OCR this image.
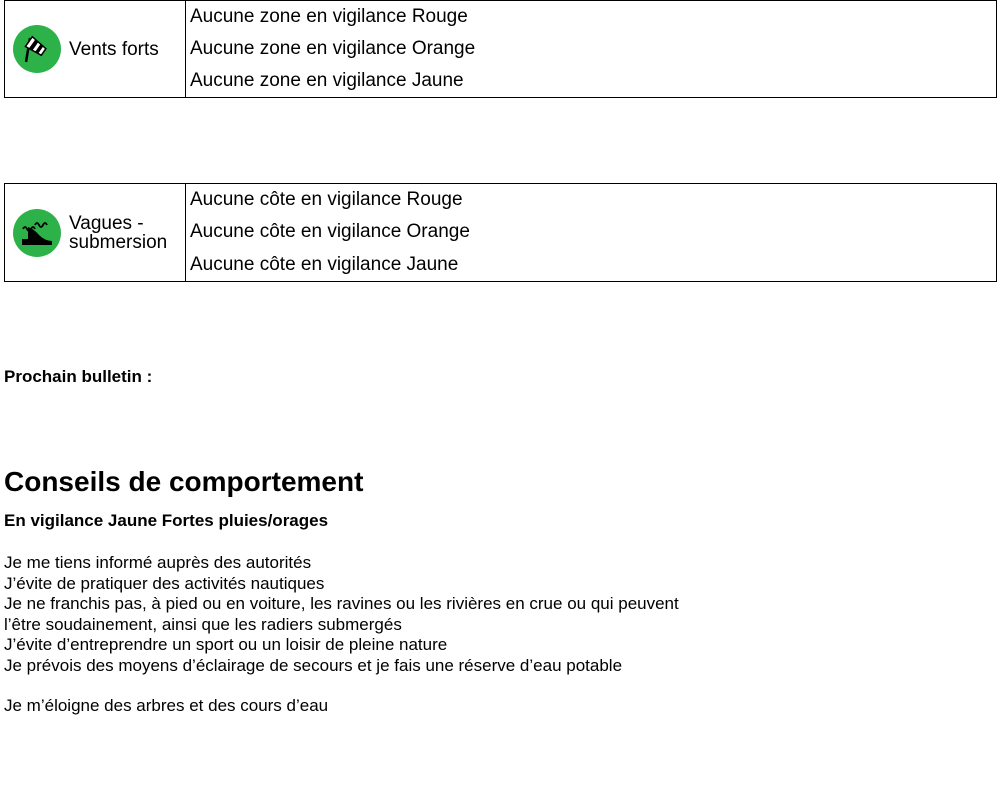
Vents forts
Aucune zone en vigilance Rouge
Aucune zone en vigilance Orange
Aucune zone en vigilance Jaune
Vagues -
submersion
Aucune côte en vigilance Rouge
Aucune côte en vigilance Orange
Aucune côte en vigilance Jaune
Prochain bulletin :
Conseils de comportement
En vigilance Jaune Fortes pluies/orages
Je me tiens informé auprès des autorités
J’évite de pratiquer des activités nautiques
Je ne franchis pas, à pied ou en voiture, les ravines ou les rivières en crue ou qui peuvent
l’être soudainement, ainsi que les radiers submergés
J’évite d’entreprendre un sport ou un loisir de pleine nature
Je prévois des moyens d’éclairage de secours et je fais une réserve d’eau potable
Je m’éloigne des arbres et des cours d’eau
